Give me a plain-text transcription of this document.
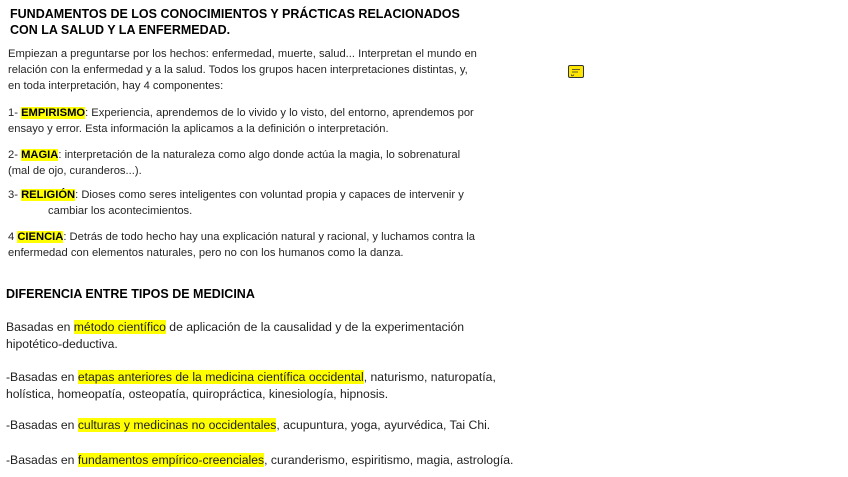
FUNDAMENTOS DE LOS CONOCIMIENTOS Y PRÁCTICAS RELACIONADOS CON LA SALUD Y LA ENFERMEDAD.
Empiezan a preguntarse por los hechos: enfermedad, muerte, salud... Interpretan el mundo en
relación con la enfermedad y a la salud. Todos los grupos hacen interpretaciones distintas, y,
en toda interpretación, hay 4 componentes:
1- EMPIRISMO: Experiencia, aprendemos de lo vivido y lo visto, del entorno, aprendemos por
ensayo y error. Esta información la aplicamos a la definición o interpretación.
2- MAGIA: interpretación de la naturaleza como algo donde actúa la magia, lo sobrenatural
(mal de ojo, curanderos...).
3- RELIGIÓN: Dioses como seres inteligentes con voluntad propia y capaces de intervenir y
cambiar los acontecimientos.
4 CIENCIA: Detrás de todo hecho hay una explicación natural y racional, y luchamos contra la
enfermedad con elementos naturales, pero no con los humanos como la danza.
DIFERENCIA ENTRE TIPOS DE MEDICINA
Basadas en método científico de aplicación de la causalidad y de la experimentación
hipotético-deductiva.
-Basadas en etapas anteriores de la medicina científica occidental, naturismo, naturopatía,
holística, homeopatía, osteopatía, quiropráctica, kinesiología, hipnosis.
-Basadas en culturas y medicinas no occidentales, acupuntura, yoga, ayurvédica, Tai Chi.
-Basadas en fundamentos empírico-creenciales, curanderismo, espiritismo, magia, astrología.
